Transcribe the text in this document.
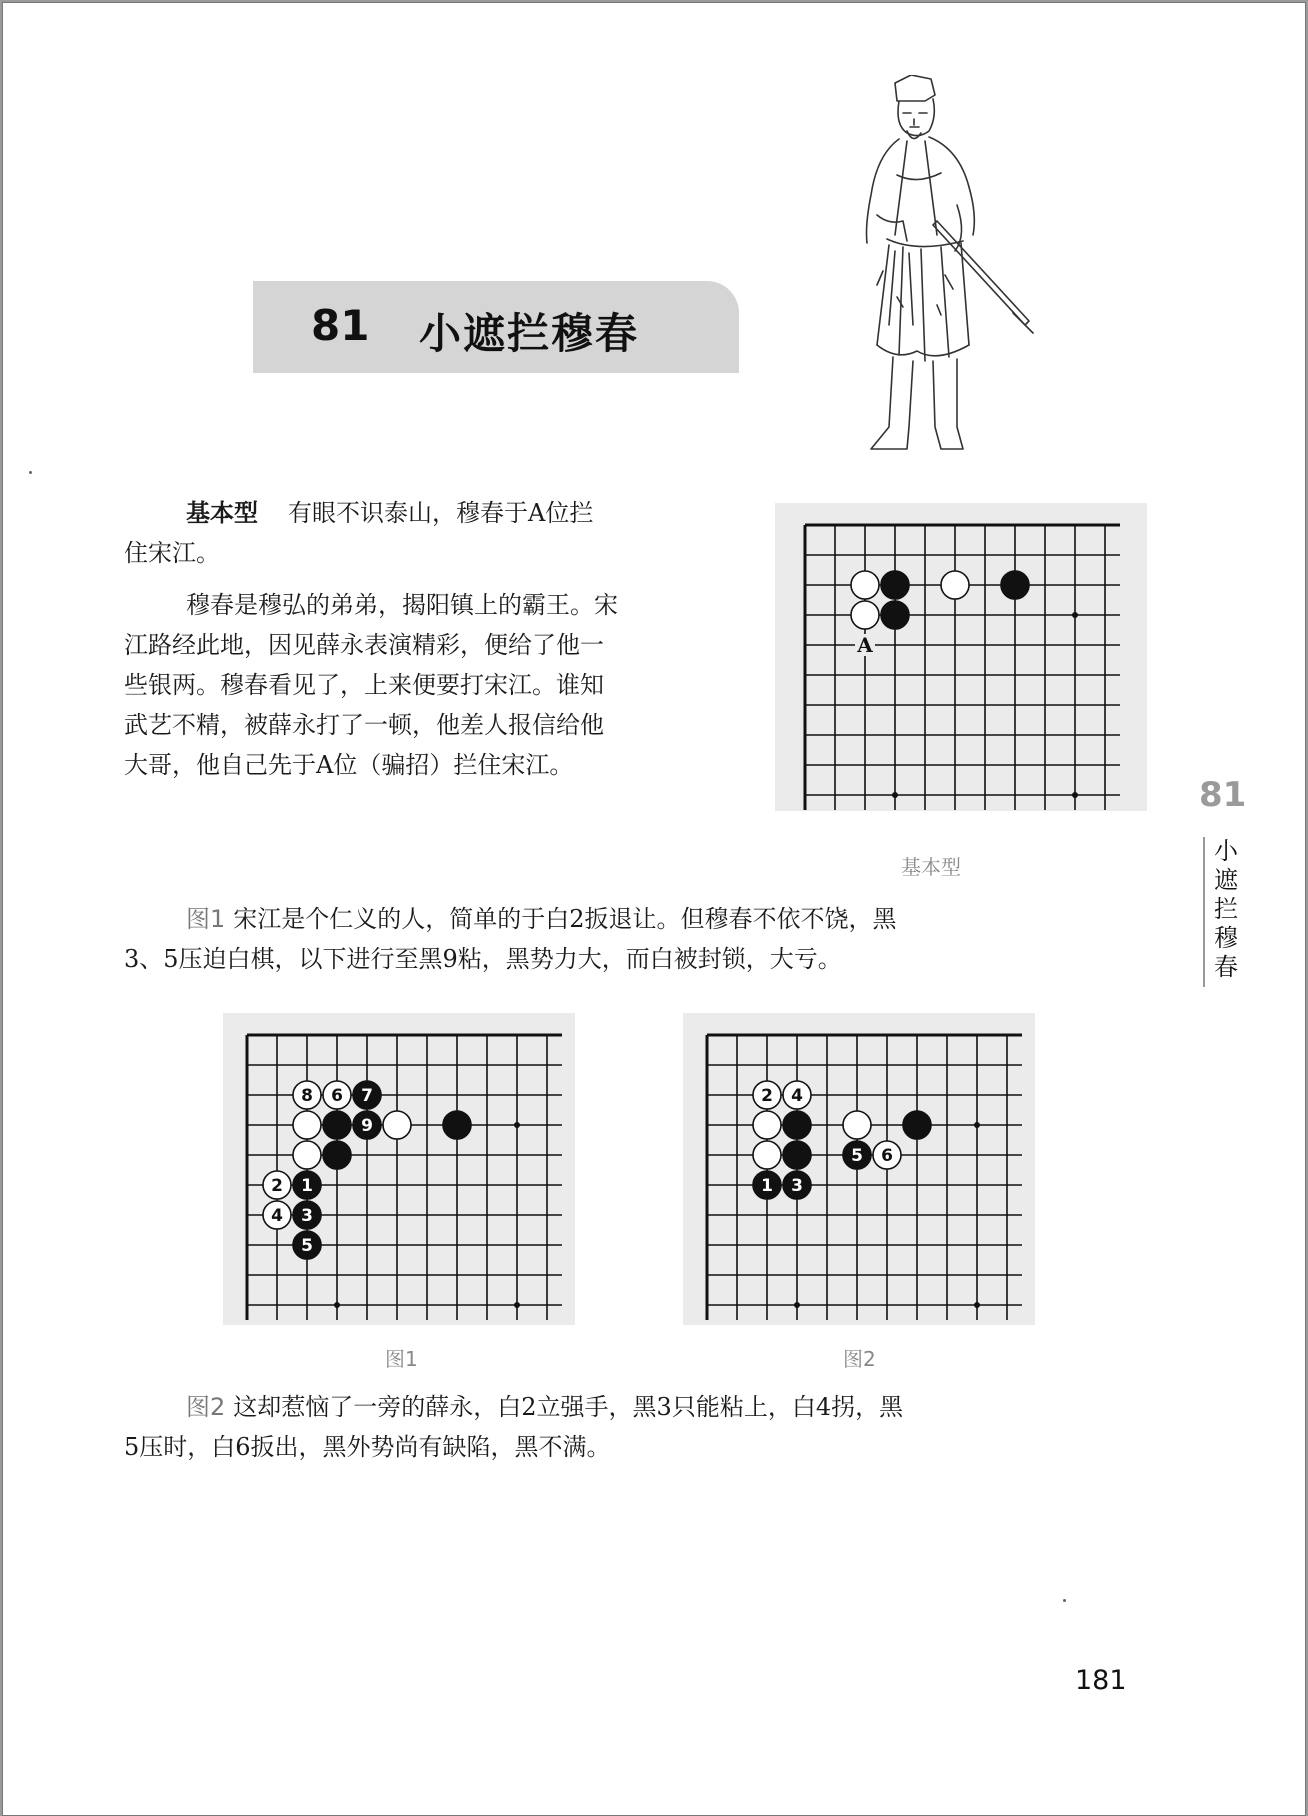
81 小遮拦穆春

基本型 有眼不识泰山，穆春于A位拦
住宋江。

穆春是穆弘的弟弟，揭阳镇上的霸王。宋
江路经此地，因见薛永表演精彩，便给了他一
些银两。穆春看见了，上来便要打宋江。谁知
武艺不精，被薛永打了一顿，他差人报信给他
大哥，他自己先于A位（骗招）拦住宋江。

A
基本型

图1 宋江是个仁义的人，简单的于白2扳退让。但穆春不依不饶，黑
3、5压迫白棋，以下进行至黑9粘，黑势力大，而白被封锁，大亏。

8 6 7
9
2 1
4 3
5
2 4
5 6
1 3
图1	图2

图2 这却惹恼了一旁的薛永，白2立强手，黑3只能粘上，白4拐，黑
5压时，白6扳出，黑外势尚有缺陷，黑不满。

81
小
遮
拦
穆
春
181
